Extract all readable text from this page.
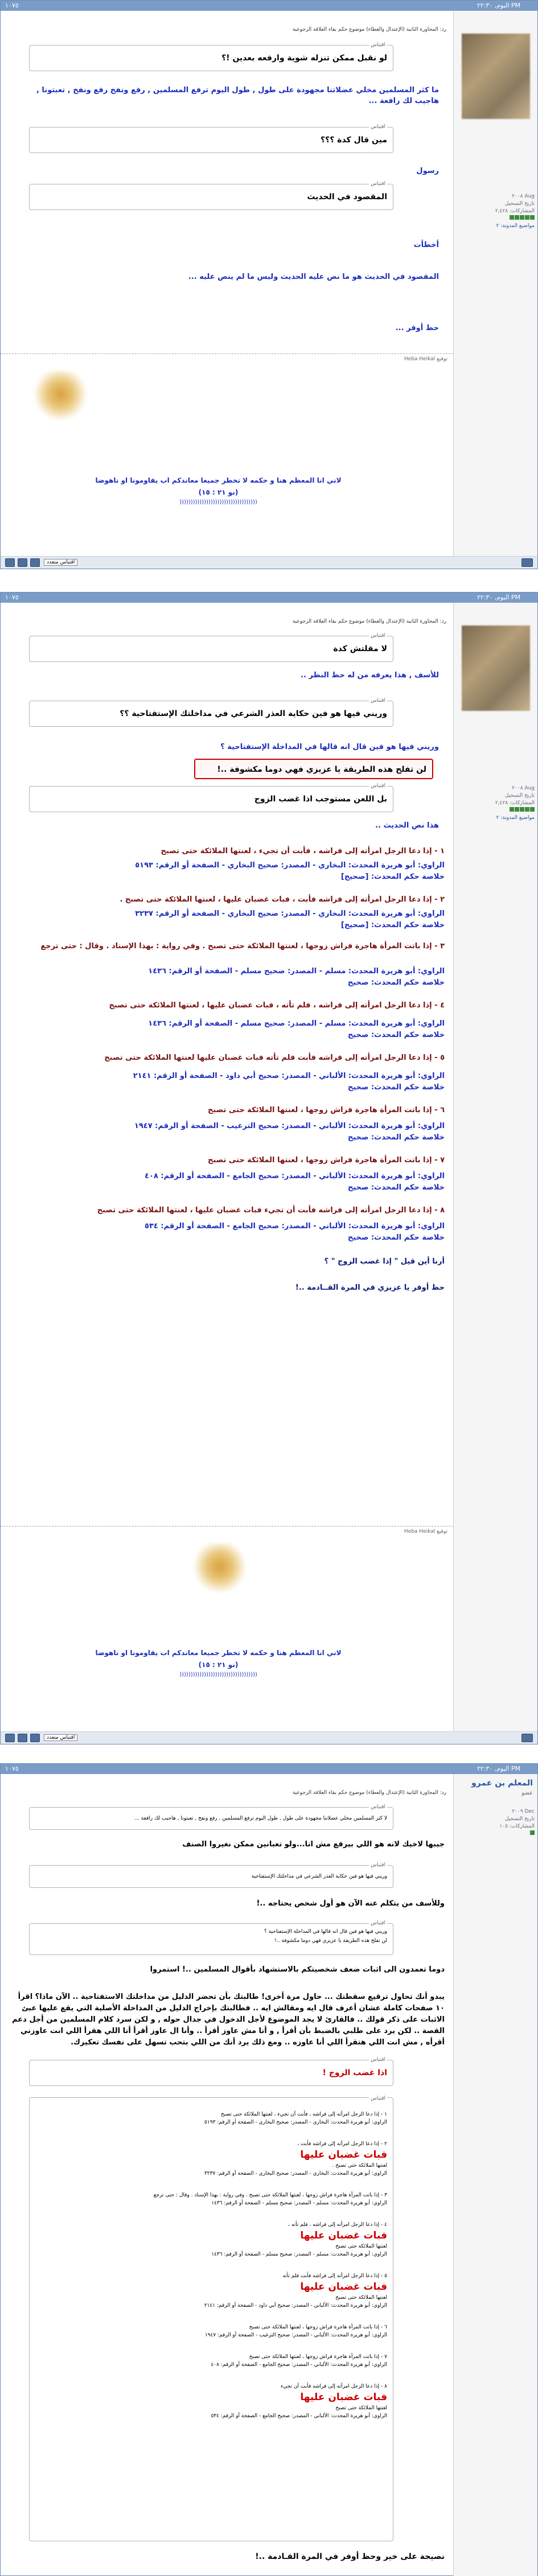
١٠٧٥	اليوم, ٢٢:٣٠ PM
Aug ٢٠٠٨
تاريخ التسجيل
المشاركات: ٢,٤٢٨
مواضيع المدونة: ٢
رد: المحاورة الثانية (الإعتدال والعطاء) موضوع حكم بقاء العلاقة الرجوعية
اقتباس
لو نقبل ممكن تنزله شوية وارفعه بعدين !؟
ما كثر المسلمين مخلي عضلاتنا مجهودة على طول , طول اليوم ترفع المسلمين , رفع ونفخ رفع ونفخ , تعبتونا , هاجيب لك رافعة ...
اقتباس
مين قال كدة ؟؟؟
رسول
اقتباس
المقصود في الحديث
أخطأت
المقصود في الحديث هو ما نص عليه الحديث وليس ما لم ينص عليه ...
حظ أوفر ...
توقيع Heba Heikal
لاني انا المعظم هنا و حكمه لا تخطر جميعا معاندكم اب يقاومونا او ناهوضا
(نو ٢١ : ١٥)
(((((((((((((((((((((((((((((((((((
اقتباس متعدد
١٠٧٥	اليوم, ٢٢:٣٠ PM
Aug ٢٠٠٨
تاريخ التسجيل
المشاركات: ٢,٤٢٨
مواضيع المدونة: ٢
رد: المحاورة الثانية (الإعتدال والعطاء) موضوع حكم بقاء العلاقة الرجوعية
اقتباس
لا مقلتش كدة
للأسف , هذا يعرفه من له حظ النظر ..
اقتباس
وريني فيها هو فين حكاية العذر الشرعي في مداخلتك الإستفتاحية ؟؟
وريني فيها هو فين قال انه قالها في المداخلة الإستفتاحية ؟
لن تفلح هذه الطريقة يا عزيزي فهي دوما مكشوفة ..!
اقتباس
بل اللعن مستوجب اذا غضب الزوج
هذا نص الحديث ..
١ - إذا دعا الرجل امرأته إلى فراشه ، فأبت أن تجيء ، لعنتها الملائكة حتى تصبح
الراوي: أبو هريرة المحدث: البخاري - المصدر: صحيح البخاري - الصفحة أو الرقم: ٥١٩٣
خلاصة حكم المحدث: [صحيح]
٢ - إذا دعا الرجل امرأته إلى فراشه فأبت ، فبات غضبان عليها ، لعنتها الملائكة حتى تصبح .
الراوي: أبو هريرة المحدث: البخاري - المصدر: صحيح البخاري - الصفحة أو الرقم: ٣٢٣٧
خلاصة حكم المحدث: [صحيح]
٣ - إذا باتت المرأة هاجرة فراش زوجها ، لعنتها الملائكة حتى تصبح . وفي رواية : بهذا الإسناد . وقال : حتى ترجع
الراوي: أبو هريرة المحدث: مسلم - المصدر: صحيح مسلم - الصفحة أو الرقم: ١٤٣٦
خلاصة حكم المحدث: صحيح
٤ - إذا دعا الرجل امرأته إلى فراشه ، فلم تأته ، فبات غضبان عليها ، لعنتها الملائكة حتى تصبح
الراوي: أبو هريرة المحدث: مسلم - المصدر: صحيح مسلم - الصفحة أو الرقم: ١٤٣٦
خلاصة حكم المحدث: صحيح
٥ - إذا دعا الرجل امرأته إلى فراشه فأبت فلم تأته فبات غضبان عليها لعنتها الملائكة حتى تصبح
الراوي: أبو هريرة المحدث: الألباني - المصدر: صحيح أبي داود - الصفحة أو الرقم: ٢١٤١
خلاصة حكم المحدث: صحيح
٦ - إذا باتت المرأة هاجرة فراش زوجها ، لعنتها الملائكة حتى تصبح
الراوي: أبو هريرة المحدث: الألباني - المصدر: صحيح الترغيب - الصفحة أو الرقم: ١٩٤٧
خلاصة حكم المحدث: صحيح
٧ - إذا باتت المرأة هاجرة فراش زوجها ، لعنتها الملائكة حتى تصبح
الراوي: أبو هريرة المحدث: الألباني - المصدر: صحيح الجامع - الصفحة أو الرقم: ٤٠٨
خلاصة حكم المحدث: صحيح
٨ - إذا دعا الرجل امرأته إلى فراشه فأبت أن تجيء فبات غضبان عليها ، لعنتها الملائكة حتى تصبح
الراوي: أبو هريرة المحدث: الألباني - المصدر: صحيح الجامع - الصفحة أو الرقم: ٥٣٤
خلاصة حكم المحدث: صحيح
أرنا أين قيل " إذا غضب الزوج " ؟
حظ أوفر يا عزيزي في المرة القــادمة ..!
توقيع Heba Heikal
لاني انا المعظم هنا و حكمه لا تخطر جميعا معاندكم اب يقاومونا او ناهوضا
(نو ٢١ : ١٥)
(((((((((((((((((((((((((((((((((((
اقتباس متعدد
١٠٧٥	اليوم, ٢٢:٣٠ PM
المعلم بن عمرو
عضو
Dec ٢٠٠٩
تاريخ التسجيل
المشاركات: ١٠٥
رد: المحاورة الثانية (الإعتدال والعطاء) موضوع حكم بقاء العلاقة الرجوعية
اقتباس
لا كثر المسلمين مخلي عضلاتنا مجهودة على طول , طول اليوم ترفع المسلمين , رفع ونفخ , تعبتونا , هاجيب لك رافعة ...
جيبها لاخيك لانه هو اللي بيرفع مش انا...ولو تعبانين ممكن نغيروا الصنف
اقتباس
وريني فيها هو فين حكاية العذر الشرعي في مداخلتك الإستفتاحية
وللأسف من يتكلم عنه الآن هو أول شخص يحتاجه ..!
اقتباس
وريني فيها هو فين قال انه قالها في المداخلة الإستفتاحية ؟
لن تفلح هذه الطريقة يا عزيزي فهي دوما مكشوفة ..!
دوما تعمدون الى اثبات ضعف شخصيتكم بالاستشهاد بأقوال المسلمين ..! استمروا
يبدو أنك تحاول ترقيع سقطتك ... حاول مرة أخرى! طالبتك بأن تحضر الدليل من مداخلتك الاستفتاحية .. الآن ماذا؟ اقرأ ١٠ صفحات كاملة عشان أعرف قال ايه ومقالش ايه .. فطالبتك بإخراج الدليل من المداخلة الأصلية التي يقع عليها عبئ الاثبات على ذكر قولك .. فالقارئ لا يجد الموضوع لأجل الدخول في جدال حوله , و لكن سرد كلام المسلمين من أجل دعم القصة .. لكن يرد على طلبي بالضبط بأن أقرأ , و أنا مش عاوز أقرأ .. وأنا ال عاوز أقرأ أنا اللي هقرأ اللي انت عاوزني أقرأه , مش انت اللي هتقرأ اللي أنا عاوزه .. ومع ذلك يرد أنك من اللي بتحب تسهل على نفسك تعكيرك.
اقتباس
اذا غضب الزوج !
اقتباس
١ - إذا دعا الرجل امرأته إلى فراشه ، فأبت أن تجيء ، لعنتها الملائكة حتى تصبح
الراوي: أبو هريرة المحدث: البخاري - المصدر: صحيح البخاري - الصفحة أو الرقم: ٥١٩٣
٢ - إذا دعا الرجل امرأته إلى فراشه فأبت ،
فبات غضبان عليها
لعنتها الملائكة حتى تصبح .
الراوي: أبو هريرة المحدث: البخاري - المصدر: صحيح البخاري - الصفحة أو الرقم: ٣٢٣٧
٣ - إذا باتت المرأة هاجرة فراش زوجها ، لعنتها الملائكة حتى تصبح . وفي رواية : بهذا الإسناد . وقال : حتى ترجع
الراوي: أبو هريرة المحدث: مسلم - المصدر: صحيح مسلم - الصفحة أو الرقم: ١٤٣٦
٤ - إذا دعا الرجل امرأته إلى فراشه ، فلم تأته ،
فبات غضبان عليها
لعنتها الملائكة حتى تصبح
الراوي: أبو هريرة المحدث: مسلم - المصدر: صحيح مسلم - الصفحة أو الرقم: ١٤٣٦
٥ - إذا دعا الرجل امرأته إلى فراشه فأبت فلم تأته
فبات غضبان عليها
لعنتها الملائكة حتى تصبح
الراوي: أبو هريرة المحدث: الألباني - المصدر: صحيح أبي داود - الصفحة أو الرقم: ٢١٤١
٦ - إذا باتت المرأة هاجرة فراش زوجها ، لعنتها الملائكة حتى تصبح
الراوي: أبو هريرة المحدث: الألباني - المصدر: صحيح الترغيب - الصفحة أو الرقم: ١٩٤٧
٧ - إذا باتت المرأة هاجرة فراش زوجها ، لعنتها الملائكة حتى تصبح
الراوي: أبو هريرة المحدث: الألباني - المصدر: صحيح الجامع - الصفحة أو الرقم: ٤٠٨
٨ - إذا دعا الرجل امرأته إلى فراشه فأبت أن تجيء
فبات غضبان عليها
لعنتها الملائكة حتى تصبح
الراوي: أبو هريرة المحدث: الألباني - المصدر: صحيح الجامع - الصفحة أو الرقم: ٥٣٤
نصيحة على خير وحظ أوفر في المرة القـادمة ..!
